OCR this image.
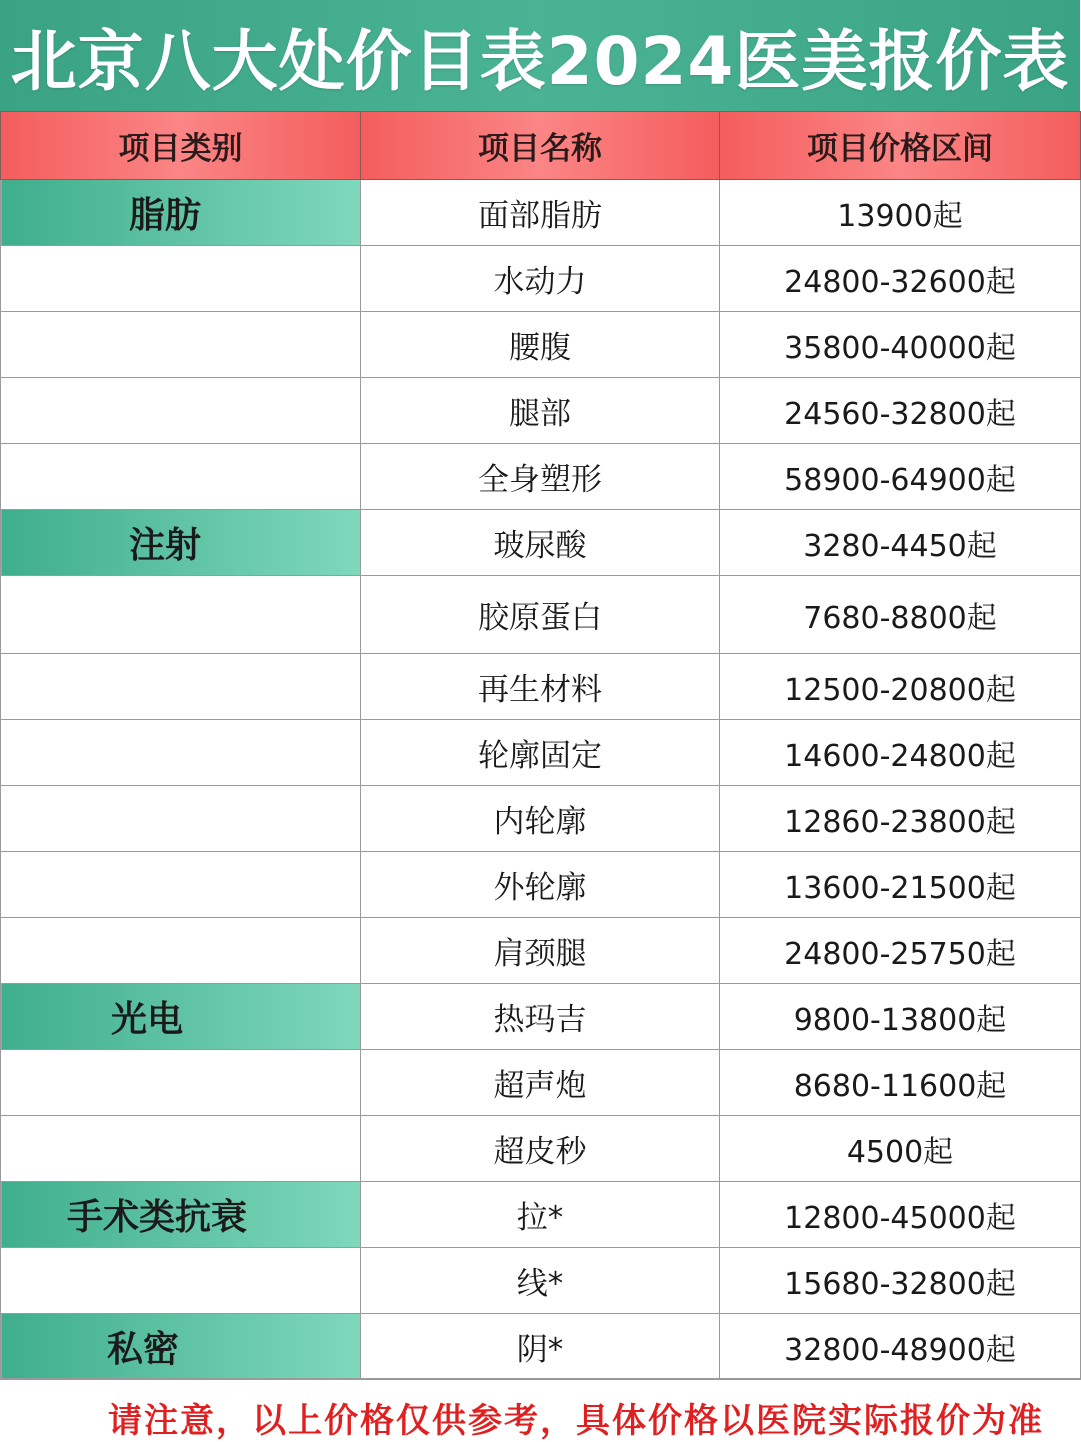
北京八大处价目表2024医美报价表
项目类别	项目名称	项目价格区间
脂肪	面部脂肪	13900起
	水动力	24800-32600起
	腰腹	35800-40000起
	腿部	24560-32800起
	全身塑形	58900-64900起
注射	玻尿酸	3280-4450起
	胶原蛋白	7680-8800起
	再生材料	12500-20800起
	轮廓固定	14600-24800起
	内轮廓	12860-23800起
	外轮廓	13600-21500起
	肩颈腿	24800-25750起
光电	热玛吉	9800-13800起
	超声炮	8680-11600起
	超皮秒	4500起
手术类抗衰	拉*	12800-45000起
	线*	15680-32800起
私密	阴*	32800-48900起
请注意，以上价格仅供参考，具体价格以医院实际报价为准
